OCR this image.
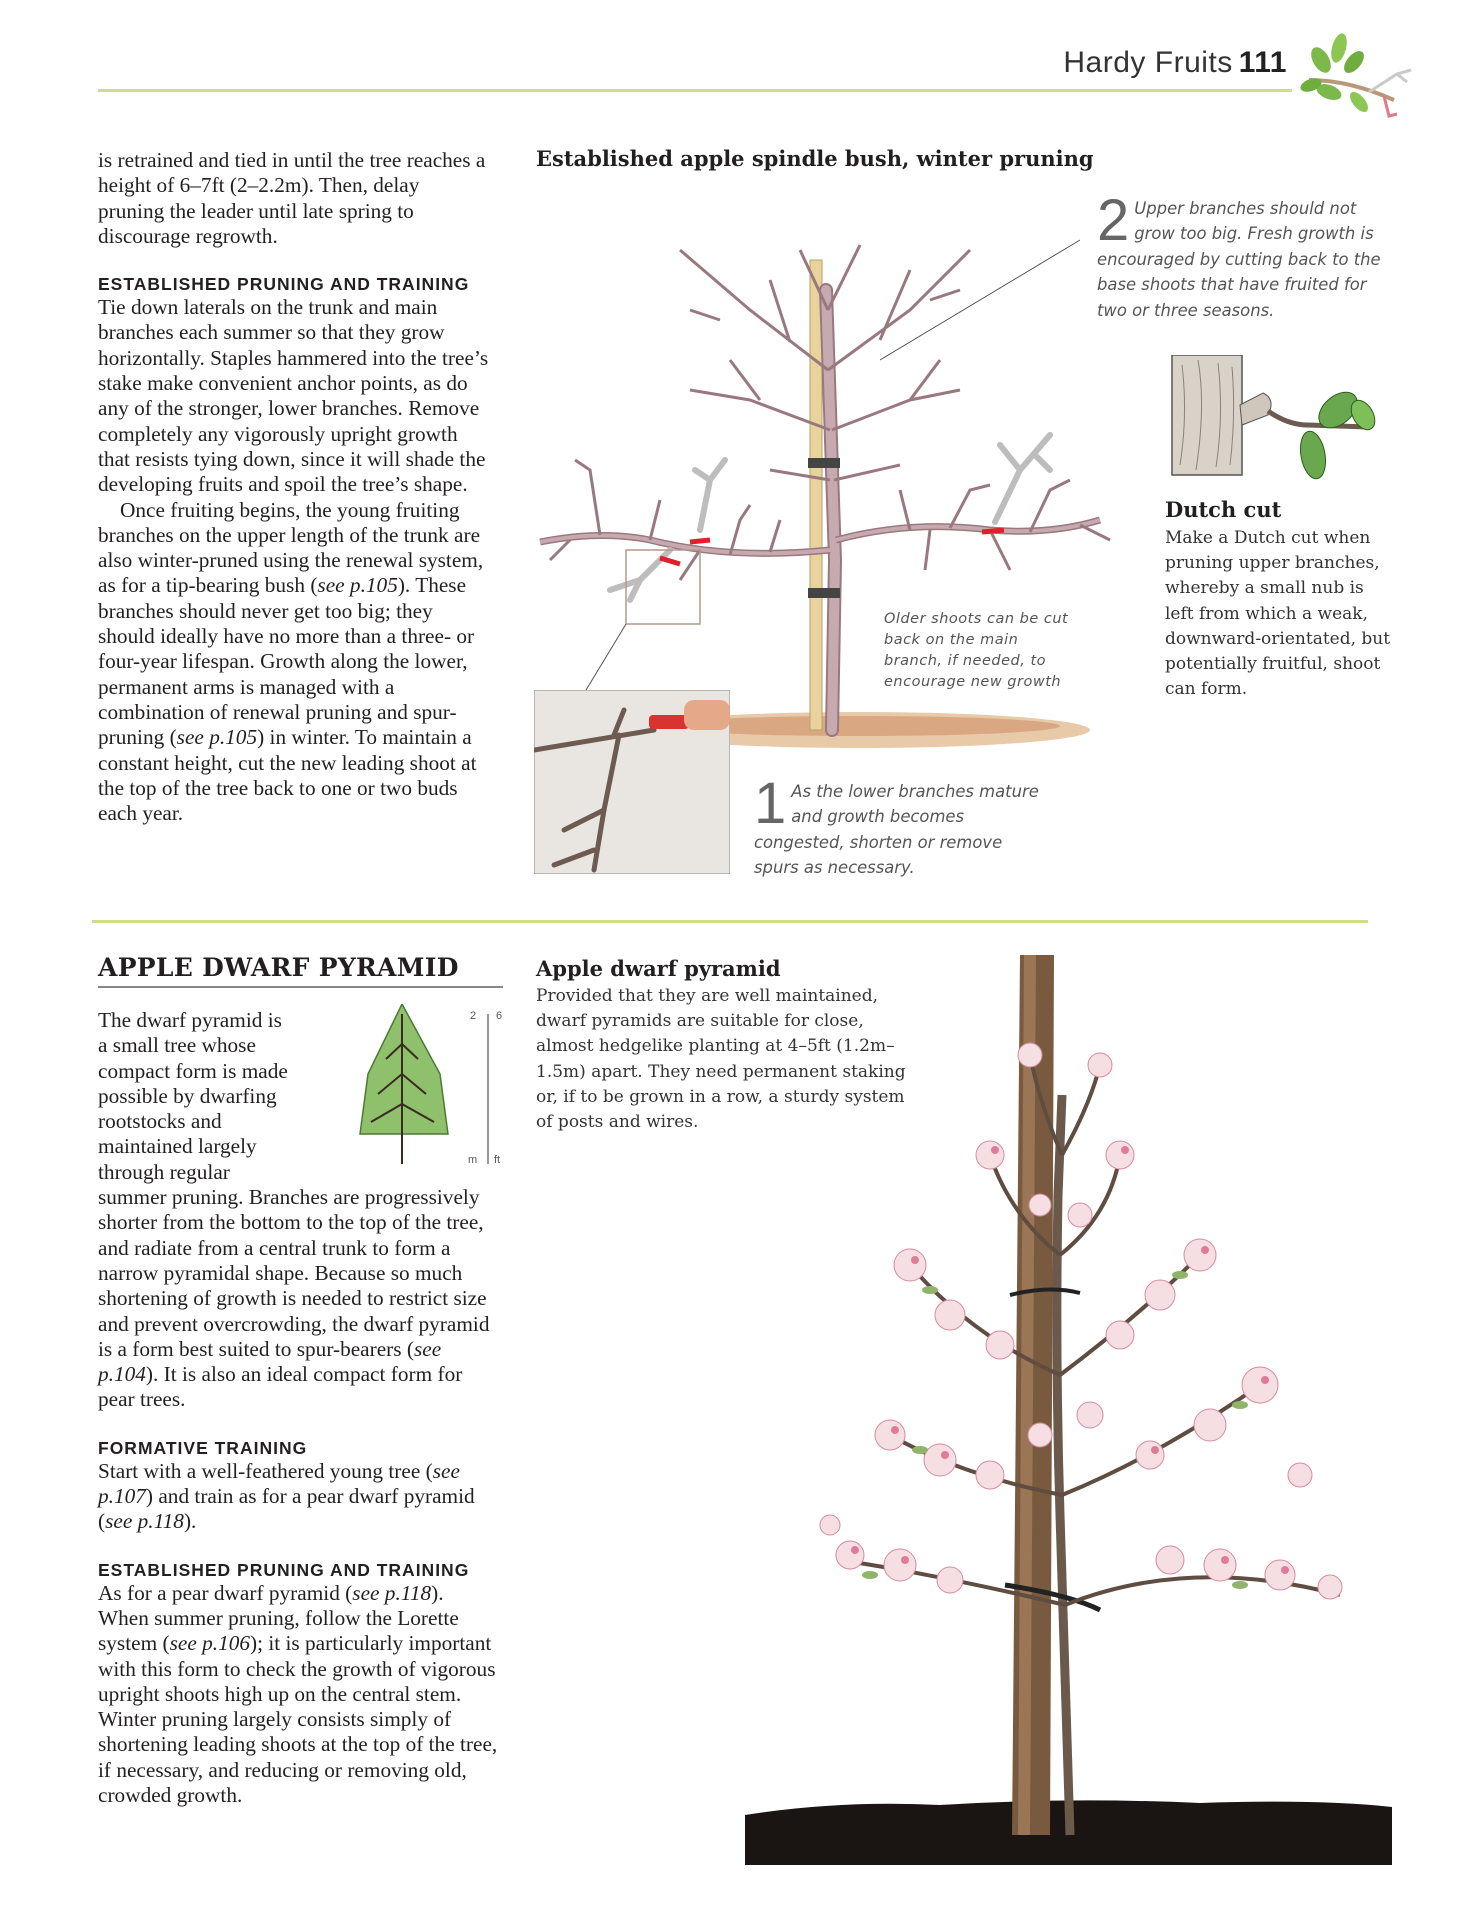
Hardy Fruits 111

is retrained and tied in until the tree reaches a height of 6–7ft (2–2.2m). Then, delay pruning the leader until late spring to discourage regrowth.

ESTABLISHED PRUNING AND TRAINING

Tie down laterals on the trunk and main branches each summer so that they grow horizontally. Staples hammered into the tree’s stake make convenient anchor points, as do any of the stronger, lower branches. Remove completely any vigorously upright growth that resists tying down, since it will shade the developing fruits and spoil the tree’s shape.

Once fruiting begins, the young fruiting branches on the upper length of the trunk are also winter-pruned using the renewal system, as for a tip-bearing bush (see p.105). These branches should never get too big; they should ideally have no more than a three- or four-year lifespan. Growth along the lower, permanent arms is managed with a combination of renewal pruning and spur-pruning (see p.105) in winter. To maintain a constant height, cut the new leading shoot at the top of the tree back to one or two buds each year.

Established apple spindle bush, winter pruning
2 Upper branches should not grow too big. Fresh growth is encouraged by cutting back to the base shoots that have fruited for two or three seasons.
Older shoots can be cut back on the main branch, if needed, to encourage new growth
1 As the lower branches mature and growth becomes congested, shorten or remove spurs as necessary.
Dutch cut
Make a Dutch cut when pruning upper branches, whereby a small nub is left from which a weak, downward-orientated, but potentially fruitful, shoot can form.
APPLE DWARF PYRAMID
2 6
m ft

The dwarf pyramid is a small tree whose compact form is made possible by dwarfing rootstocks and maintained largely through regular summer pruning. Branches are progressively shorter from the bottom to the top of the tree, and radiate from a central trunk to form a narrow pyramidal shape. Because so much shortening of growth is needed to restrict size and prevent overcrowding, the dwarf pyramid is a form best suited to spur-bearers (see p.104). It is also an ideal compact form for pear trees.

FORMATIVE TRAINING

Start with a well-feathered young tree (see p.107) and train as for a pear dwarf pyramid (see p.118).

ESTABLISHED PRUNING AND TRAINING

As for a pear dwarf pyramid (see p.118). When summer pruning, follow the Lorette system (see p.106); it is particularly important with this form to check the growth of vigorous upright shoots high up on the central stem. Winter pruning largely consists simply of shortening leading shoots at the top of the tree, if necessary, and reducing or removing old, crowded growth.

Apple dwarf pyramid
Provided that they are well maintained, dwarf pyramids are suitable for close, almost hedgelike planting at 4–5ft (1.2m–1.5m) apart. They need permanent staking or, if to be grown in a row, a sturdy system of posts and wires.
